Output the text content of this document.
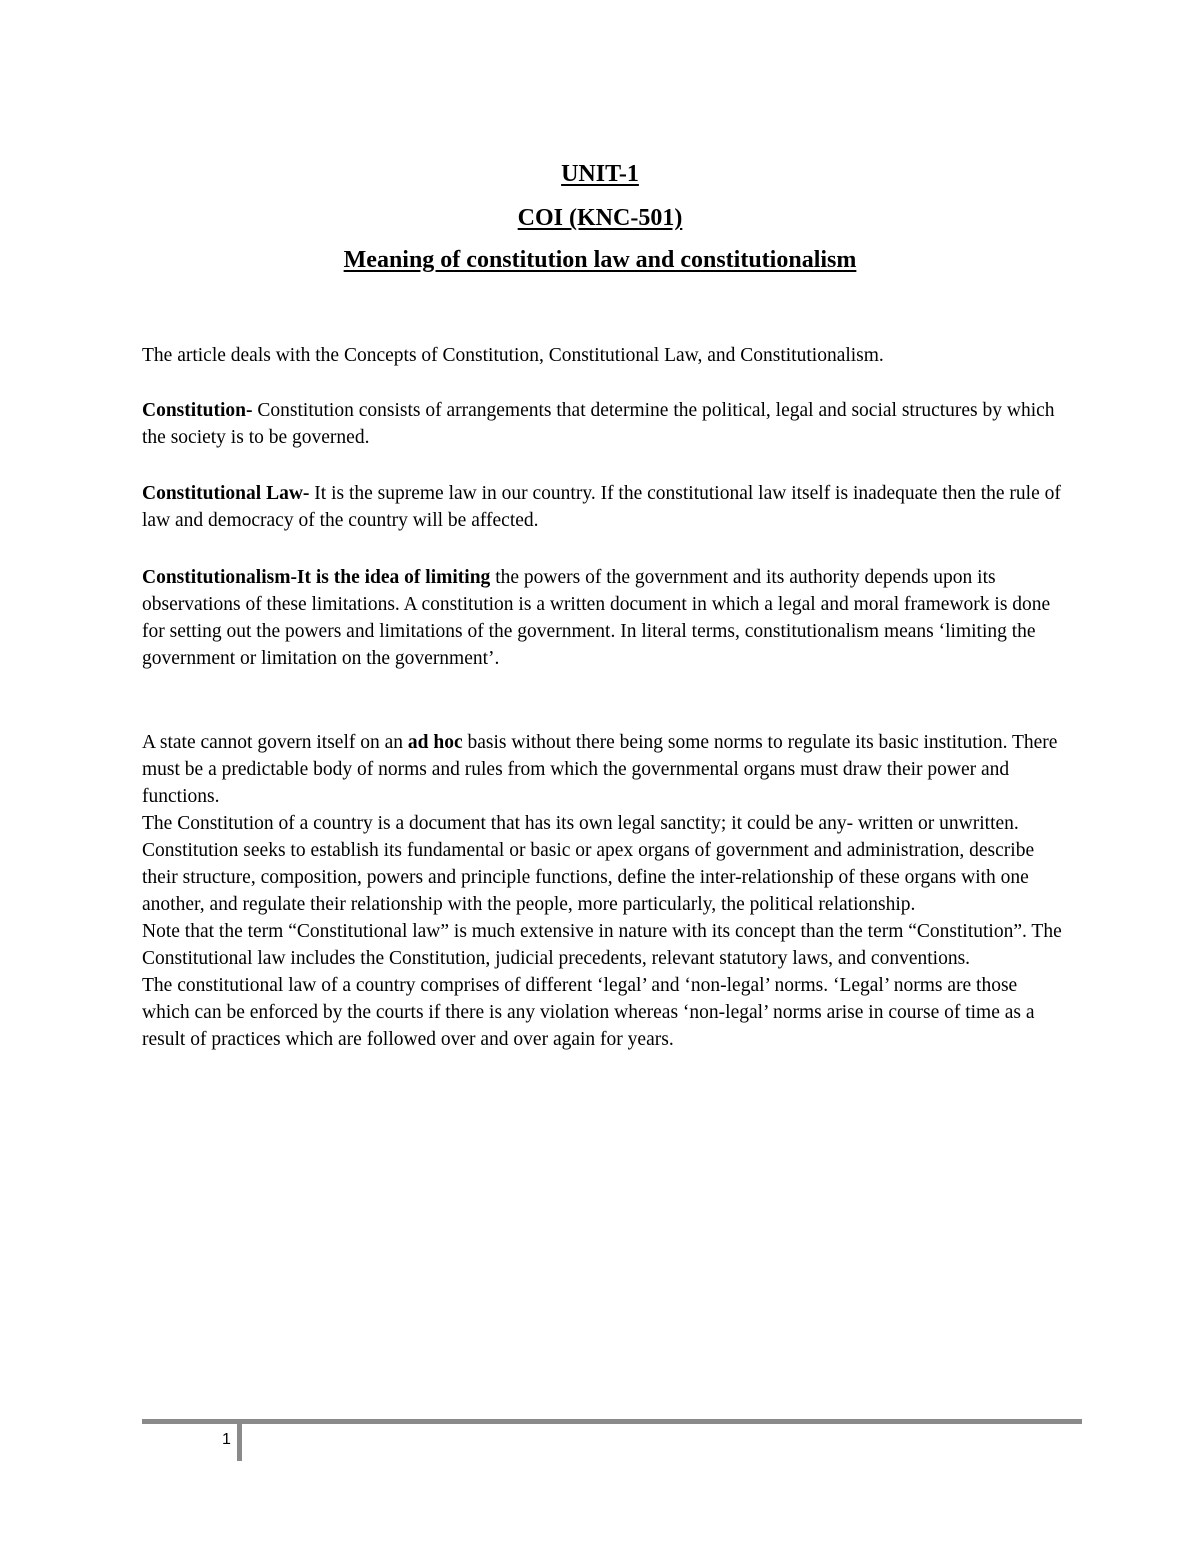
UNIT-1
COI (KNC-501)
Meaning of constitution law and constitutionalism

The article deals with the Concepts of Constitution, Constitutional Law, and Constitutionalism.

Constitution- Constitution consists of arrangements that determine the political, legal and social structures by which the society is to be governed.

Constitutional Law- It is the supreme law in our country. If the constitutional law itself is inadequate then the rule of law and democracy of the country will be affected.

Constitutionalism-It is the idea of limiting the powers of the government and its authority depends upon its observations of these limitations. A constitution is a written document in which a legal and moral framework is done for setting out the powers and limitations of the government. In literal terms, constitutionalism means ‘limiting the government or limitation on the government’.

A state cannot govern itself on an ad hoc basis without there being some norms to regulate its basic institution. There must be a predictable body of norms and rules from which the governmental organs must draw their power and functions.

The Constitution of a country is a document that has its own legal sanctity; it could be any- written or unwritten. Constitution seeks to establish its fundamental or basic or apex organs of government and administration, describe their structure, composition, powers and principle functions, define the inter-relationship of these organs with one another, and regulate their relationship with the people, more particularly, the political relationship.

Note that the term “Constitutional law” is much extensive in nature with its concept than the term “Constitution”. The Constitutional law includes the Constitution, judicial precedents, relevant statutory laws, and conventions.

The constitutional law of a country comprises of different ‘legal’ and ‘non-legal’ norms. ‘Legal’ norms are those which can be enforced by the courts if there is any violation whereas ‘non-legal’ norms arise in course of time as a result of practices which are followed over and over again for years.

1
